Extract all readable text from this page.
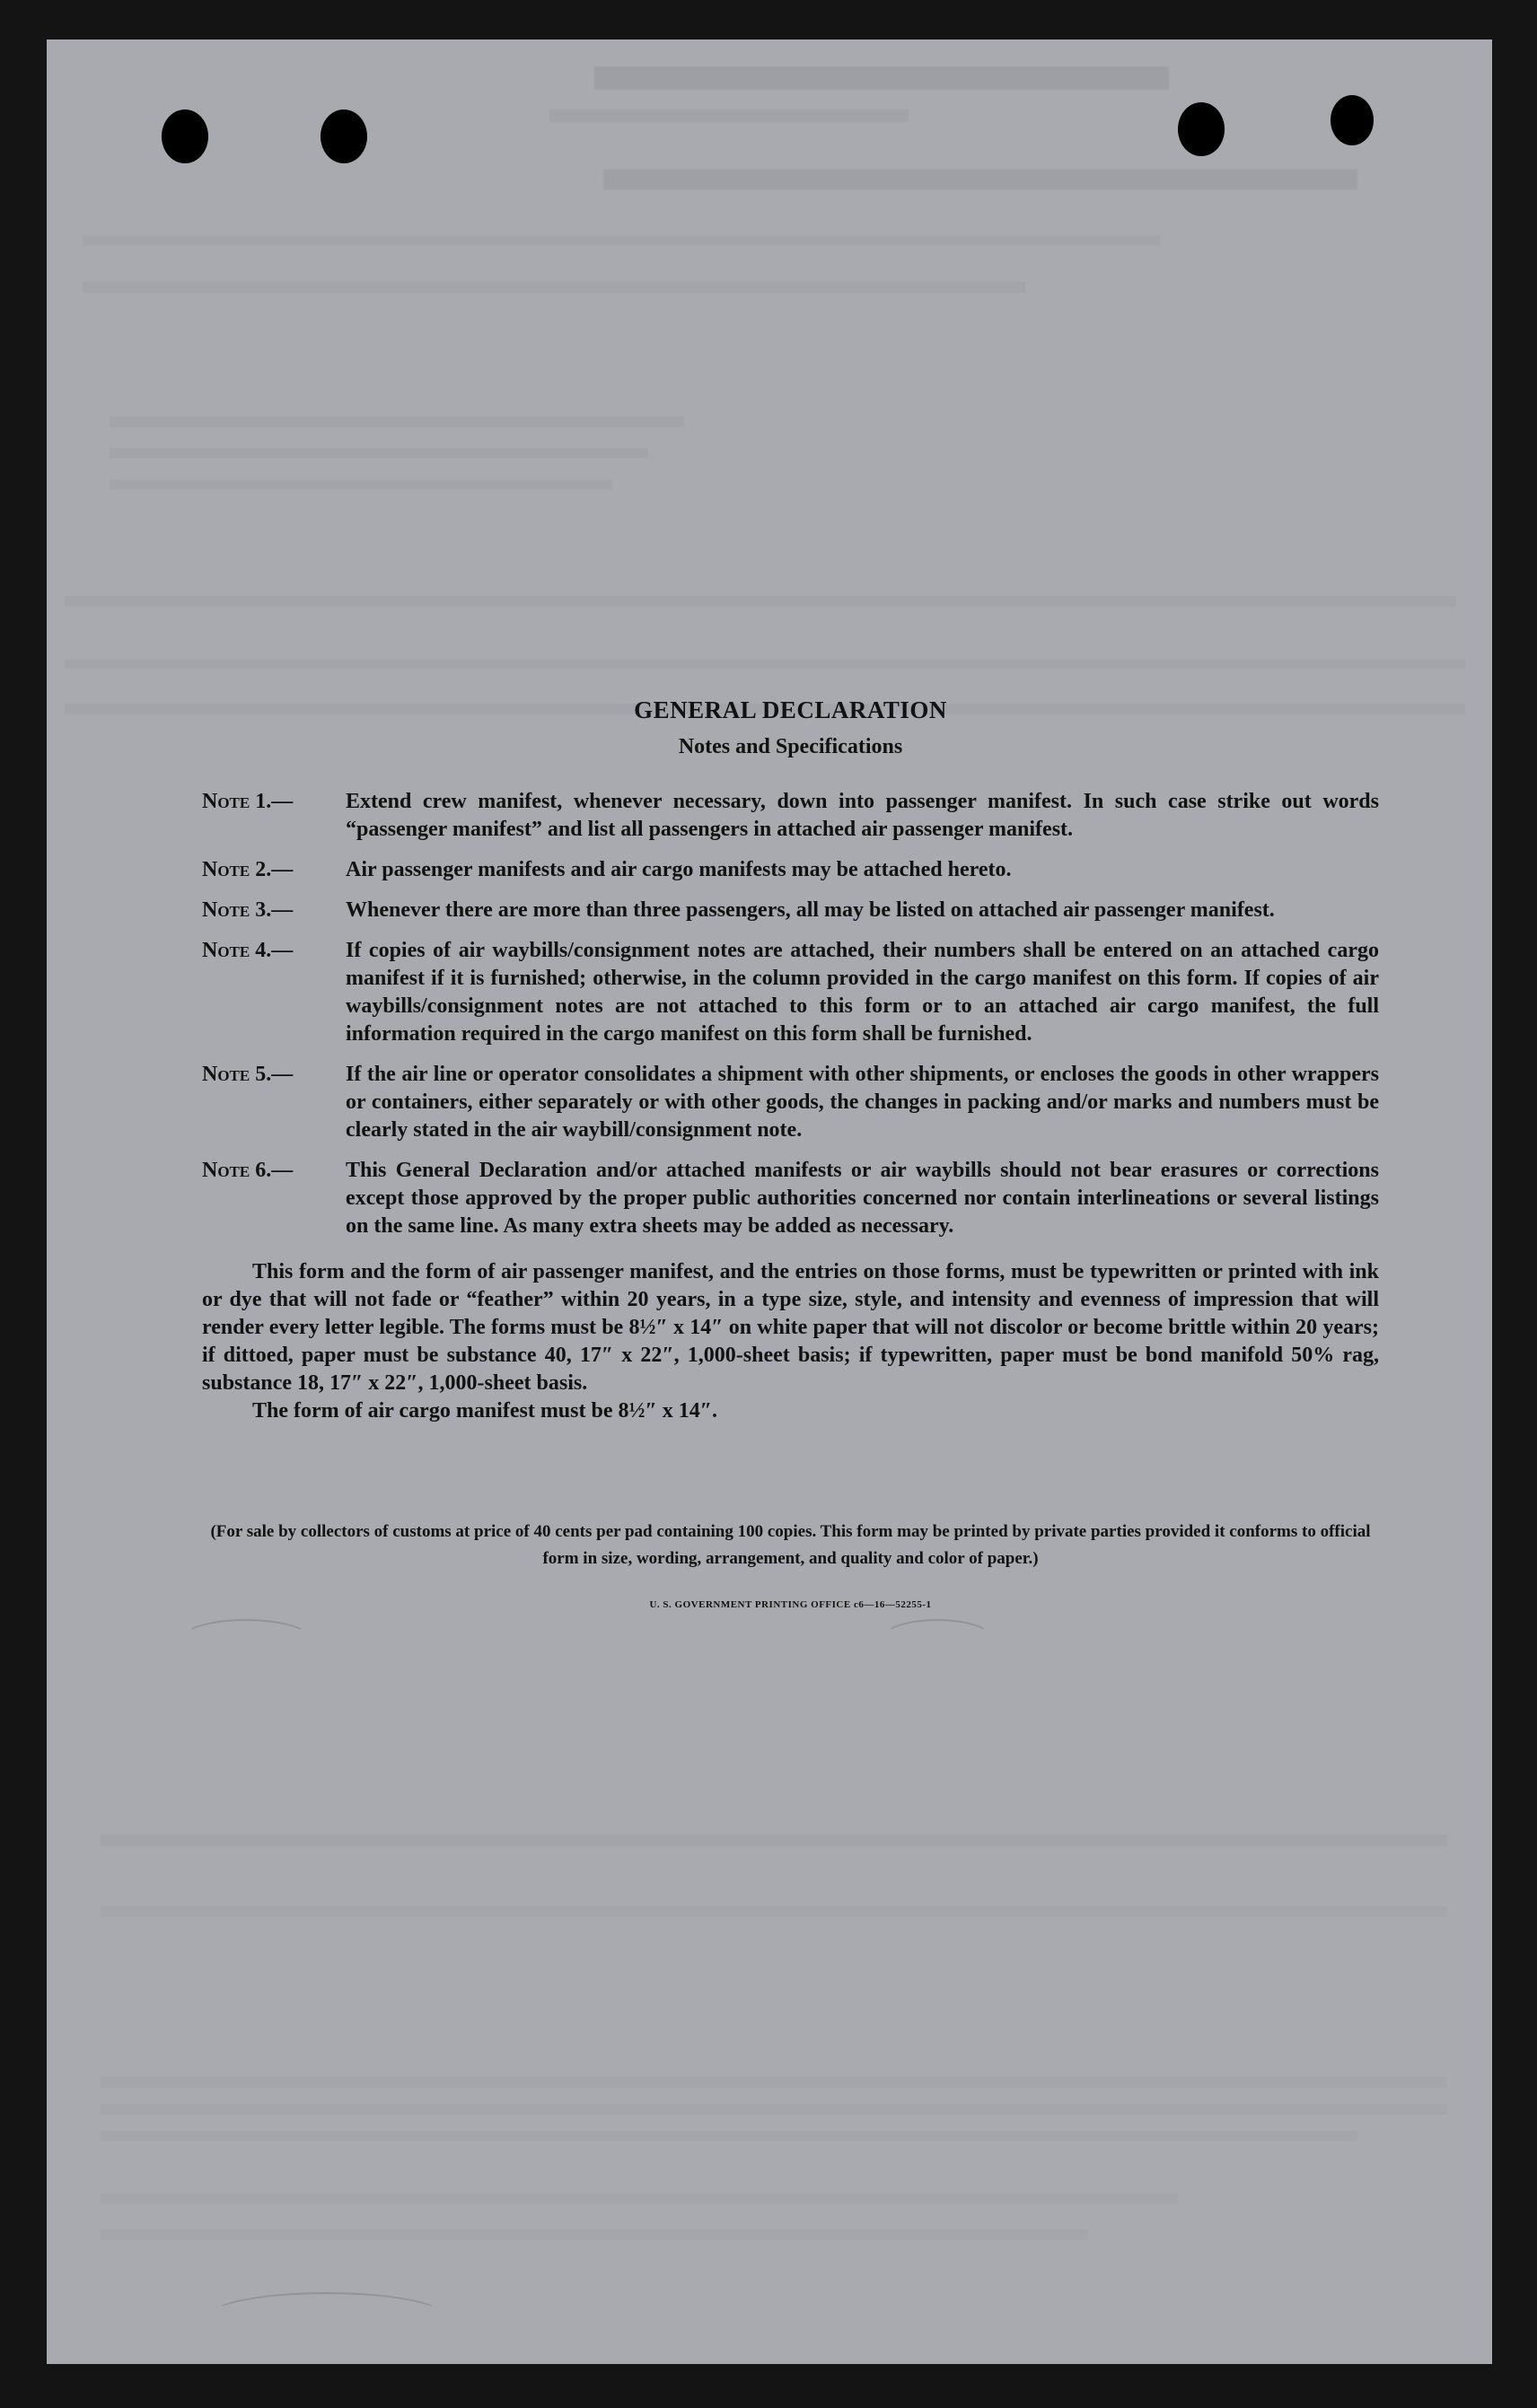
GENERAL DECLARATION
Notes and Specifications
Note 1.— Extend crew manifest, whenever necessary, down into passenger manifest. In such case strike out words “passenger manifest” and list all passengers in attached air passenger manifest.
Note 2.— Air passenger manifests and air cargo manifests may be attached hereto.
Note 3.— Whenever there are more than three passengers, all may be listed on attached air passenger manifest.
Note 4.— If copies of air waybills/consignment notes are attached, their numbers shall be entered on an attached cargo manifest if it is furnished; otherwise, in the column provided in the cargo manifest on this form. If copies of air waybills/consignment notes are not attached to this form or to an attached air cargo manifest, the full information required in the cargo manifest on this form shall be furnished.
Note 5.— If the air line or operator consolidates a shipment with other shipments, or encloses the goods in other wrappers or containers, either separately or with other goods, the changes in packing and/or marks and numbers must be clearly stated in the air waybill/consignment note.
Note 6.— This General Declaration and/or attached manifests or air waybills should not bear erasures or corrections except those approved by the proper public authorities concerned nor contain interlineations or several listings on the same line. As many extra sheets may be added as necessary.
This form and the form of air passenger manifest, and the entries on those forms, must be typewritten or printed with ink or dye that will not fade or “feather” within 20 years, in a type size, style, and intensity and evenness of impression that will render every letter legible. The forms must be 8½″ x 14″ on white paper that will not discolor or become brittle within 20 years; if dittoed, paper must be substance 40, 17″ x 22″, 1,000-sheet basis; if typewritten, paper must be bond manifold 50% rag, substance 18, 17″ x 22″, 1,000-sheet basis.
The form of air cargo manifest must be 8½″ x 14″.
(For sale by collectors of customs at price of 40 cents per pad containing 100 copies. This form may be printed by private parties provided it conforms to official form in size, wording, arrangement, and quality and color of paper.)
U. S. GOVERNMENT PRINTING OFFICE c6—16—52255-1
